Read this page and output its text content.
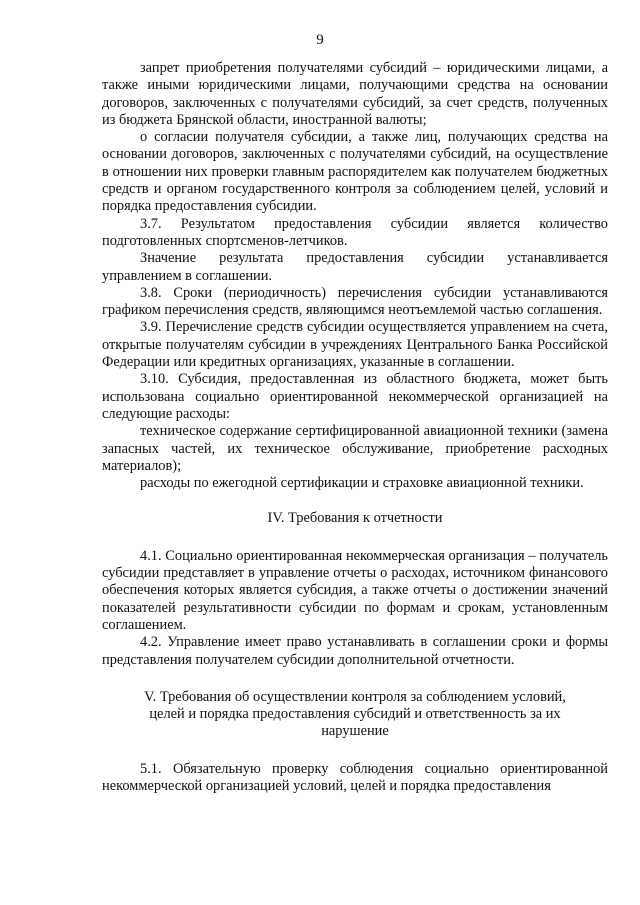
9

запрет приобретения получателями субсидий – юридическими лицами, а также иными юридическими лицами, получающими средства на основании договоров, заключенных с получателями субсидий, за счет средств, полученных из бюджета Брянской области, иностранной валюты;

о согласии получателя субсидии, а также лиц, получающих средства на основании договоров, заключенных с получателями субсидий, на осуществление в отношении них проверки главным распорядителем как получателем бюджетных средств и органом государственного контроля за соблюдением целей, условий и порядка предоставления субсидии.

3.7. Результатом предоставления субсидии является количество подготовленных спортсменов-летчиков.

Значение результата предоставления субсидии устанавливается управлением в соглашении.

3.8. Сроки (периодичность) перечисления субсидии устанавливаются графиком перечисления средств, являющимся неотъемлемой частью соглашения.

3.9. Перечисление средств субсидии осуществляется управлением на счета, открытые получателям субсидии в учреждениях Центрального Банка Российской Федерации или кредитных организациях, указанные в соглашении.

3.10. Субсидия, предоставленная из областного бюджета, может быть использована социально ориентированной некоммерческой организацией на следующие расходы:

техническое содержание сертифицированной авиационной техники (замена запасных частей, их техническое обслуживание, приобретение расходных материалов);

расходы по ежегодной сертификации и страховке авиационной техники.

IV. Требования к отчетности

4.1. Социально ориентированная некоммерческая организация – получатель субсидии представляет в управление отчеты о расходах, источником финансового обеспечения которых является субсидия, а также отчеты о достижении значений показателей результативности субсидии по формам и срокам, установленным соглашением.

4.2. Управление имеет право устанавливать в соглашении сроки и формы представления получателем субсидии дополнительной отчетности.

V. Требования об осуществлении контроля за соблюдением условий,

целей и порядка предоставления субсидий и ответственность за их

нарушение

5.1. Обязательную проверку соблюдения социально ориентированной некоммерческой организацией условий, целей и порядка предоставления
